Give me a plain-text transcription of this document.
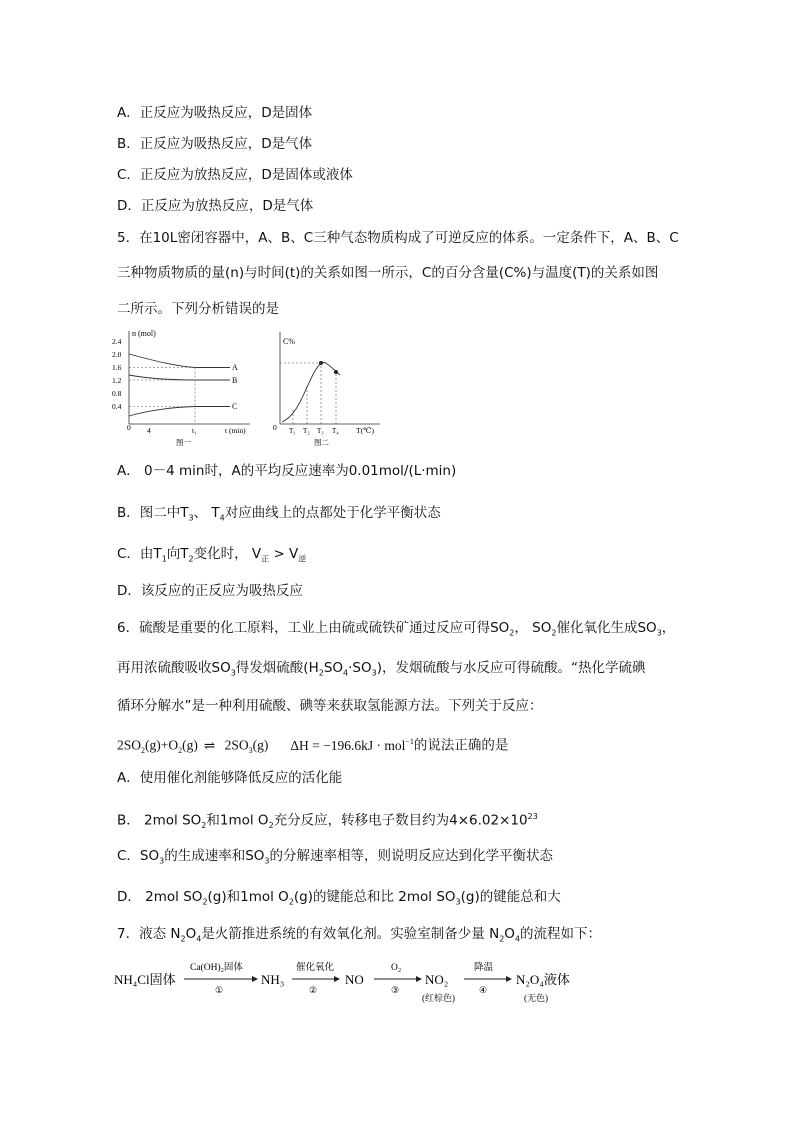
A．正反应为吸热反应，D是固体
B．正反应为吸热反应，D是气体
C．正反应为放热反应，D是固体或液体
D．正反应为放热反应，D是气体
5．在10L密闭容器中，A、B、C三种气态物质构成了可逆反应的体系。一定条件下，A、B、C
三种物质物质的量(n)与时间(t)的关系如图一所示，C的百分含量(C%)与温度(T)的关系如图
二所示。下列分析错误的是
n (mol)
2.4
2.0
1.6
1.2
0.8
0.4
0
A
B
C
4	t₁	t (min)
图一
C%
0 T₁ T₂ T₃ T₄ T(℃)
图二
A． 0－4 min时，A的平均反应速率为0.01mol/(L·min)
B．图二中$T_3$、 $T_4$对应曲线上的点都处于化学平衡状态
C．由$T_1$向$T_2$变化时， $V_正 > V_逆$
D．该反应的正反应为吸热反应
6．硫酸是重要的化工原料，工业上由硫或硫铁矿通过反应可得$SO_2$， $SO_2$催化氧化生成$SO_3$，
再用浓硫酸吸收$SO_3$得发烟硫酸$(H_2SO_4\cdot SO_3)$，发烟硫酸与水反应可得硫酸。“热化学硫碘
循环分解水”是一种利用硫酸、碘等来获取氢能源方法。下列关于反应：
$2SO_2(g)+O_2(g)$ ⇌ $2SO_3(g) \Delta H = -196.6kJ \cdot mol^{-1}$的说法正确的是
A．使用催化剂能够降低反应的活化能
B． 2mol $SO_2$和1mol $O_2$充分反应，转移电子数目约为$4\times 6.02\times 10^{23}$
C．$SO_3$的生成速率和$SO_3$的分解速率相等，则说明反应达到化学平衡状态
D． 2mol $SO_2(g)$和1mol $O_2(g)$的键能总和比 2mol $SO_3(g)$的键能总和大
7．液态 $N_2O_4$是火箭推进系统的有效氧化剂。实验室制备少量 $N_2O_4$的流程如下：
NH₄Cl固体
Ca(OH)₂固体
①
NH₃
催化氧化
②
NO
O₂
③
NO₂
(红棕色)
降温
④
N₂O₄液体
(无色)
